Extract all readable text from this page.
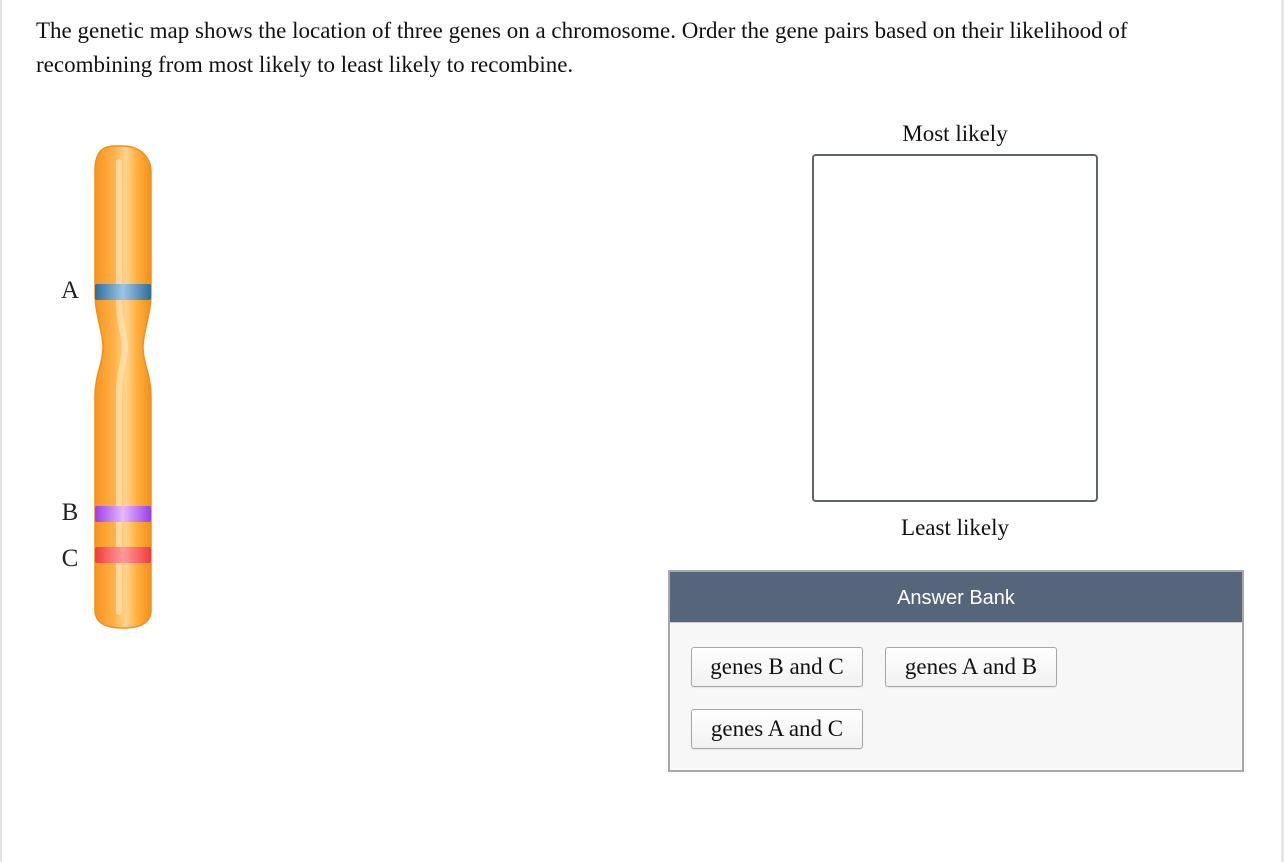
The genetic map shows the location of three genes on a chromosome. Order the gene pairs based on their likelihood of recombining from most likely to least likely to recombine.
A
B
C
Most likely
Least likely
Answer Bank
genes B and C	genes A and B
genes A and C
